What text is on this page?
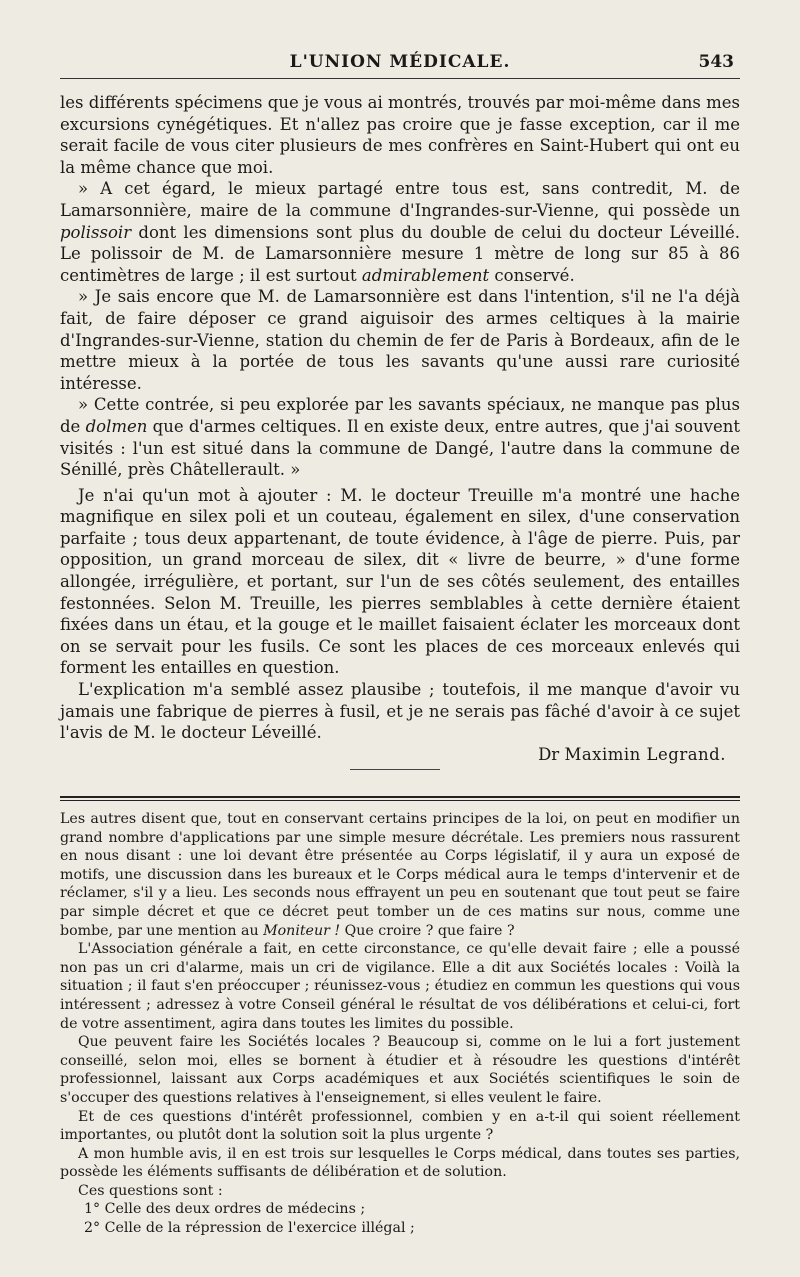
L'UNION MÉDICALE.	543

les différents spécimens que je vous ai montrés, trouvés par moi-même dans mes excursions cynégétiques. Et n'allez pas croire que je fasse exception, car il me serait facile de vous citer plusieurs de mes confrères en Saint-Hubert qui ont eu la même chance que moi.

» A cet égard, le mieux partagé entre tous est, sans contredit, M. de Lamarsonnière, maire de la commune d'Ingrandes-sur-Vienne, qui possède un polissoir dont les dimensions sont plus du double de celui du docteur Léveillé. Le polissoir de M. de Lamarsonnière mesure 1 mètre de long sur 85 à 86 centimètres de large ; il est surtout admirablement conservé.

» Je sais encore que M. de Lamarsonnière est dans l'intention, s'il ne l'a déjà fait, de faire déposer ce grand aiguisoir des armes celtiques à la mairie d'Ingrandes-sur-Vienne, station du chemin de fer de Paris à Bordeaux, afin de le mettre mieux à la portée de tous les savants qu'une aussi rare curiosité intéresse.

» Cette contrée, si peu explorée par les savants spéciaux, ne manque pas plus de dolmen que d'armes celtiques. Il en existe deux, entre autres, que j'ai souvent visités : l'un est situé dans la commune de Dangé, l'autre dans la commune de Sénillé, près Châtellerault. »

Je n'ai qu'un mot à ajouter : M. le docteur Treuille m'a montré une hache magnifique en silex poli et un couteau, également en silex, d'une conservation parfaite ; tous deux appartenant, de toute évidence, à l'âge de pierre. Puis, par opposition, un grand morceau de silex, dit « livre de beurre, » d'une forme allongée, irrégulière, et portant, sur l'un de ses côtés seulement, des entailles festonnées. Selon M. Treuille, les pierres semblables à cette dernière étaient fixées dans un étau, et la gouge et le maillet faisaient éclater les morceaux dont on se servait pour les fusils. Ce sont les places de ces morceaux enlevés qui forment les entailles en question.

L'explication m'a semblé assez plausibe ; toutefois, il me manque d'avoir vu jamais une fabrique de pierres à fusil, et je ne serais pas fâché d'avoir à ce sujet l'avis de M. le docteur Léveillé.

Dr Maximin Legrand.

Les autres disent que, tout en conservant certains principes de la loi, on peut en modifier un grand nombre d'applications par une simple mesure décrétale. Les premiers nous rassurent en nous disant : une loi devant être présentée au Corps législatif, il y aura un exposé de motifs, une discussion dans les bureaux et le Corps médical aura le temps d'intervenir et de réclamer, s'il y a lieu. Les seconds nous effrayent un peu en soutenant que tout peut se faire par simple décret et que ce décret peut tomber un de ces matins sur nous, comme une bombe, par une mention au Moniteur ! Que croire ? que faire ?

L'Association générale a fait, en cette circonstance, ce qu'elle devait faire ; elle a poussé non pas un cri d'alarme, mais un cri de vigilance. Elle a dit aux Sociétés locales : Voilà la situation ; il faut s'en préoccuper ; réunissez-vous ; étudiez en commun les questions qui vous intéressent ; adressez à votre Conseil général le résultat de vos délibérations et celui-ci, fort de votre assentiment, agira dans toutes les limites du possible.

Que peuvent faire les Sociétés locales ? Beaucoup si, comme on le lui a fort justement conseillé, selon moi, elles se bornent à étudier et à résoudre les questions d'intérêt professionnel, laissant aux Corps académiques et aux Sociétés scientifiques le soin de s'occuper des questions relatives à l'enseignement, si elles veulent le faire.

Et de ces questions d'intérêt professionnel, combien y en a-t-il qui soient réellement importantes, ou plutôt dont la solution soit la plus urgente ?

A mon humble avis, il en est trois sur lesquelles le Corps médical, dans toutes ses parties, possède les éléments suffisants de délibération et de solution.

Ces questions sont :

1° Celle des deux ordres de médecins ;

2° Celle de la répression de l'exercice illégal ;
